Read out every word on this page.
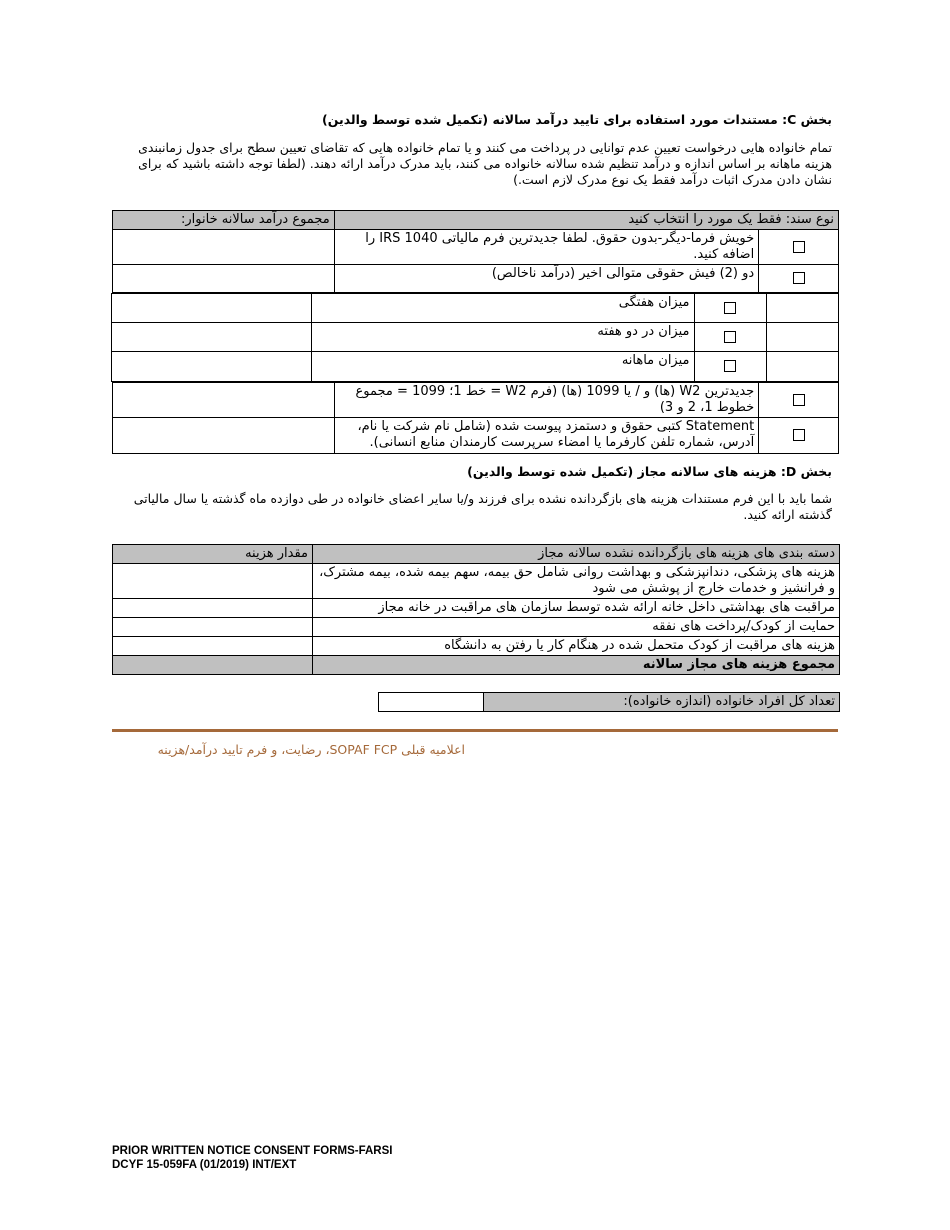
بخش C: مستندات مورد استفاده برای تایید درآمد سالانه (تکمیل شده توسط والدین)
تمام خانواده هایی درخواست تعیین عدم توانایی در پرداخت می کنند و یا تمام خانواده هایی که تقاضای تعیین سطح برای جدول زمانبندی هزینه ماهانه بر اساس اندازه و درآمد تنظیم شده سالانه خانواده می کنند، باید مدرک درآمد ارائه دهند. (لطفا توجه داشته باشید که برای نشان دادن مدرک اثبات درآمد فقط یک نوع مدرک لازم است.)
نوع سند: فقط یک مورد را انتخاب کنید	مجموع درآمد سالانه خانوار:
	خویش فرما-دیگر-بدون حقوق. لطفا جدیدترین فرم مالیاتی IRS 1040 را اضافه کنید.	
	دو (2) فیش حقوقی متوالی اخیر (درآمد ناخالص)	

		میزان هفتگی	
		میزان در دو هفته	
		میزان ماهانه	

	جدیدترین W2 (ها) و / یا 1099 (ها) (فرم W2 = خط 1؛ 1099 = مجموع خطوط 1، 2 و 3)	
	Statement کتبی حقوق و دستمزد پیوست شده (شامل نام شرکت یا نام، آدرس، شماره تلفن کارفرما یا امضاء سرپرست کارمندان منابع انسانی).	
بخش D: هزینه های سالانه مجاز (تکمیل شده توسط والدین)
شما باید با این فرم مستندات هزینه های بازگردانده نشده برای فرزند و/یا سایر اعضای خانواده در طی دوازده ماه گذشته یا سال مالیاتی گذشته ارائه کنید.
دسته بندی های هزینه های بازگردانده نشده سالانه مجاز	مقدار هزینه
هزینه های پزشکی، دندانپزشکی و بهداشت روانی شامل حق بیمه، سهم بیمه شده، بیمه مشترک، و فرانشیز و خدمات خارج از پوشش می شود	
مراقبت های بهداشتی داخل خانه ارائه شده توسط سازمان های مراقبت در خانه مجاز	
حمایت از کودک/پرداخت های نفقه	
هزینه های مراقبت از کودک متحمل شده در هنگام کار یا رفتن به دانشگاه	
مجموع هزینه های مجاز سالانه	
تعداد کل افراد خانواده (اندازه خانواده):	
اعلامیه قبلی SOPAF FCP، رضایت، و فرم تایید درآمد/هزینه
PRIOR WRITTEN NOTICE CONSENT FORMS-FARSI
DCYF 15-059FA (01/2019) INT/EXT
